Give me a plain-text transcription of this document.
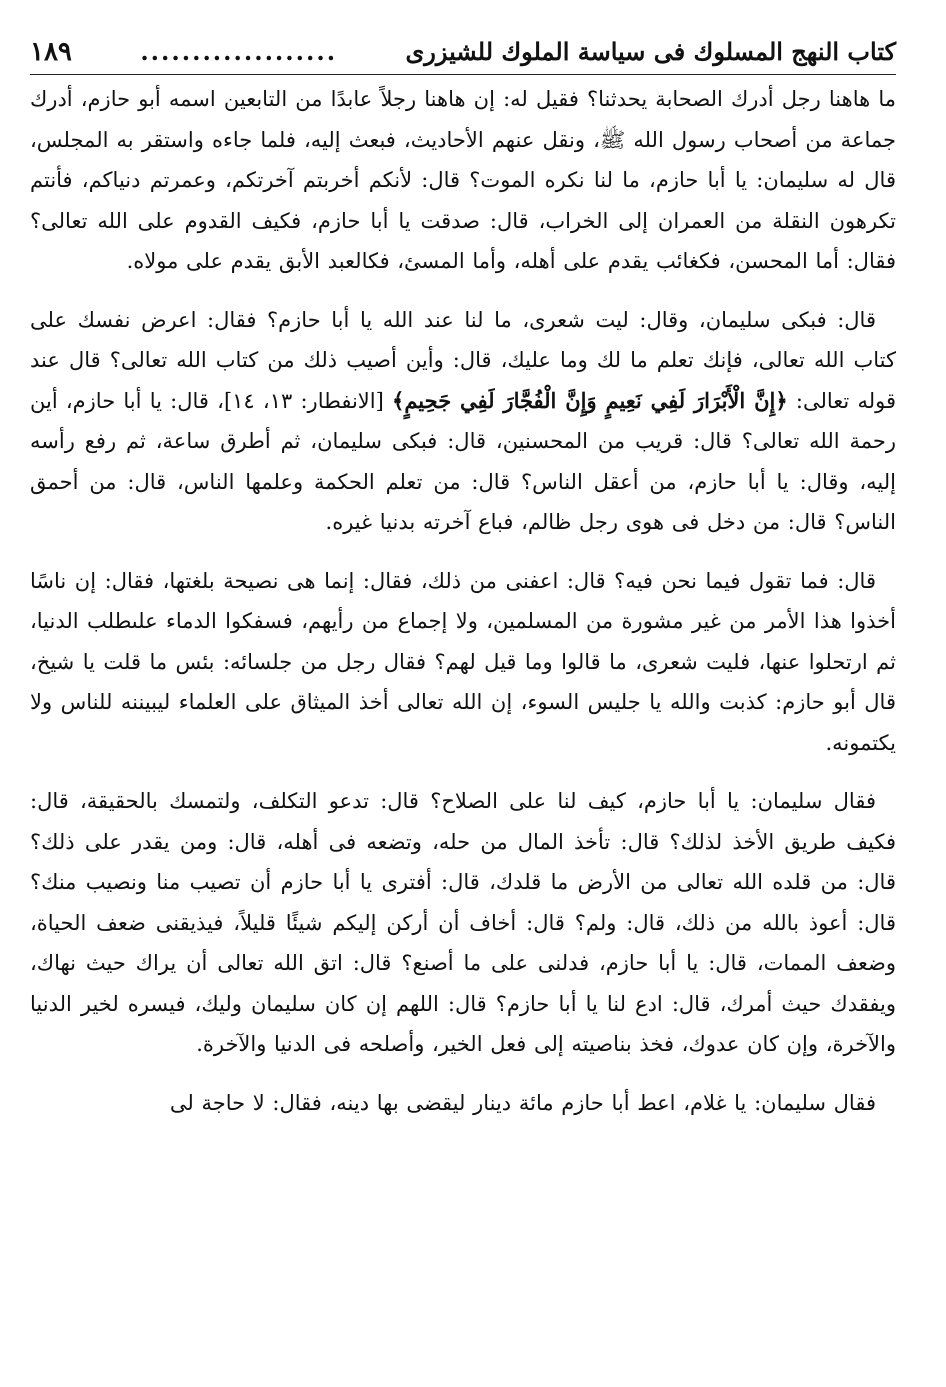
كتاب النهج المسلوك فى سياسة الملوك للشيزرى
...................
١٨٩

ما هاهنا رجل أدرك الصحابة يحدثنا؟ فقيل له: إن هاهنا رجلاً عابدًا من التابعين اسمه أبو حازم، أدرك جماعة من أصحاب رسول الله ﷺ، ونقل عنهم الأحاديث، فبعث إليه، فلما جاءه واستقر به المجلس، قال له سليمان: يا أبا حازم، ما لنا نكره الموت؟ قال: لأنكم أخربتم آخرتكم، وعمرتم دنياكم، فأنتم تكرهون النقلة من العمران إلى الخراب، قال: صدقت يا أبا حازم، فكيف القدوم على الله تعالى؟ فقال: أما المحسن، فكغائب يقدم على أهله، وأما المسئ، فكالعبد الأبق يقدم على مولاه.

قال: فبكى سليمان، وقال: ليت شعرى، ما لنا عند الله يا أبا حازم؟ فقال: اعرض نفسك على كتاب الله تعالى، فإنك تعلم ما لك وما عليك، قال: وأين أصيب ذلك من كتاب الله تعالى؟ قال عند قوله تعالى: ﴿إِنَّ الْأَبْرَارَ لَفِي نَعِيمٍ وَإِنَّ الْفُجَّارَ لَفِي جَحِيمٍ﴾ [الانفطار: ١٣، ١٤]، قال: يا أبا حازم، أين رحمة الله تعالى؟ قال: قريب من المحسنين، قال: فبكى سليمان، ثم أطرق ساعة، ثم رفع رأسه إليه، وقال: يا أبا حازم، من أعقل الناس؟ قال: من تعلم الحكمة وعلمها الناس، قال: من أحمق الناس؟ قال: من دخل فى هوى رجل ظالم، فباع آخرته بدنيا غيره.

قال: فما تقول فيما نحن فيه؟ قال: اعفنى من ذلك، فقال: إنما هى نصيحة بلغتها، فقال: إن ناسًا أخذوا هذا الأمر من غير مشورة من المسلمين، ولا إجماع من رأيهم، فسفكوا الدماء علىطلب الدنيا، ثم ارتحلوا عنها، فليت شعرى، ما قالوا وما قيل لهم؟ فقال رجل من جلسائه: بئس ما قلت يا شيخ، قال أبو حازم: كذبت والله يا جليس السوء، إن الله تعالى أخذ الميثاق على العلماء ليبيننه للناس ولا يكتمونه.

فقال سليمان: يا أبا حازم، كيف لنا على الصلاح؟ قال: تدعو التكلف، ولتمسك بالحقيقة، قال: فكيف طريق الأخذ لذلك؟ قال: تأخذ المال من حله، وتضعه فى أهله، قال: ومن يقدر على ذلك؟ قال: من قلده الله تعالى من الأرض ما قلدك، قال: أفترى يا أبا حازم أن تصيب منا ونصيب منك؟ قال: أعوذ بالله من ذلك، قال: ولم؟ قال: أخاف أن أركن إليكم شيئًا قليلاً، فيذيقنى ضعف الحياة، وضعف الممات، قال: يا أبا حازم، فدلنى على ما أصنع؟ قال: اتق الله تعالى أن يراك حيث نهاك، ويفقدك حيث أمرك، قال: ادع لنا يا أبا حازم؟ قال: اللهم إن كان سليمان وليك، فيسره لخير الدنيا والآخرة، وإن كان عدوك، فخذ بناصيته إلى فعل الخير، وأصلحه فى الدنيا والآخرة.

فقال سليمان: يا غلام، اعط أبا حازم مائة دينار ليقضى بها دينه، فقال: لا حاجة لى
